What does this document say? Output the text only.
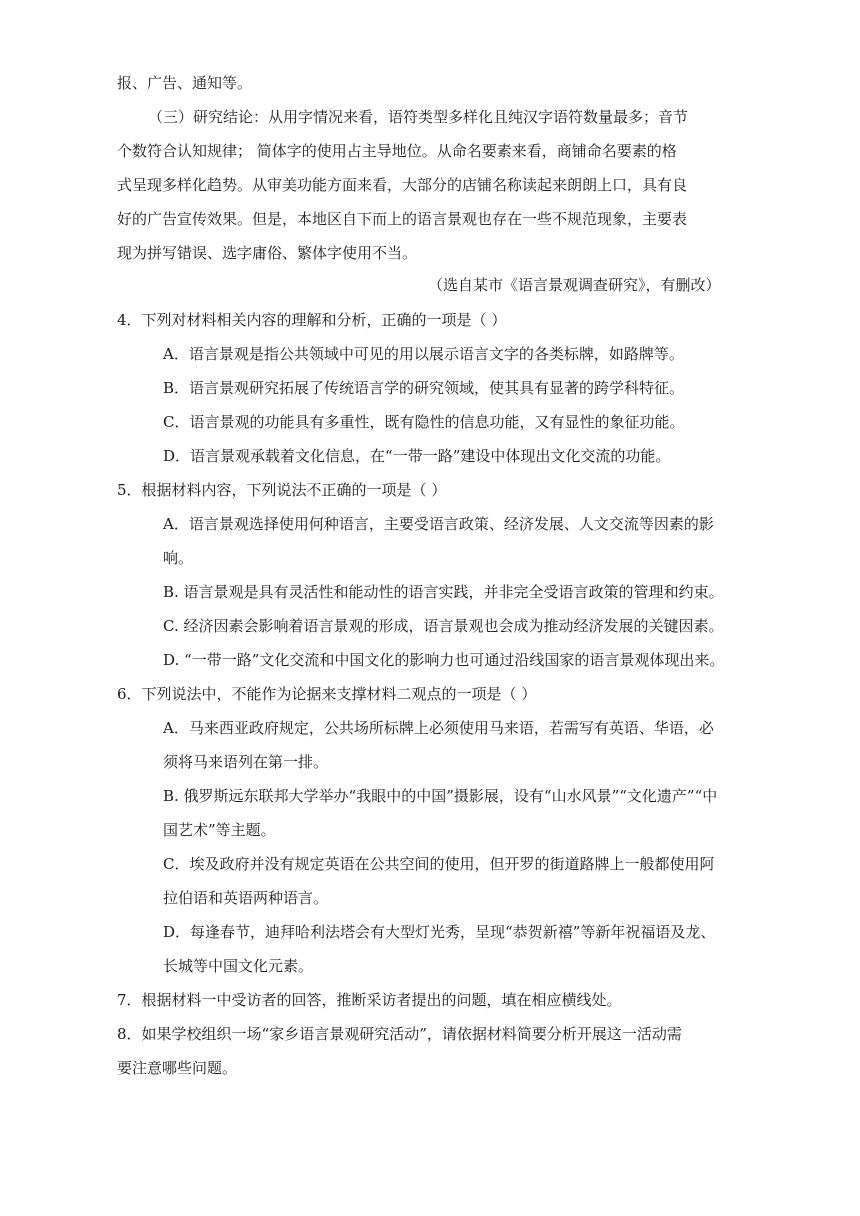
报、广告、通知等。
（三）研究结论：从用字情况来看，语符类型多样化且纯汉字语符数量最多；音节
个数符合认知规律； 简体字的使用占主导地位。从命名要素来看，商铺命名要素的格
式呈现多样化趋势。从审美功能方面来看，大部分的店铺名称读起来朗朗上口，具有良
好的广告宣传效果。但是，本地区自下而上的语言景观也存在一些不规范现象，主要表
现为拼写错误、选字庸俗、繁体字使用不当。
（选自某市《语言景观调查研究》，有删改）
4．下列对材料相关内容的理解和分析，正确的一项是（ ）
A．语言景观是指公共领域中可见的用以展示语言文字的各类标牌，如路牌等。
B．语言景观研究拓展了传统语言学的研究领域，使其具有显著的跨学科特征。
C．语言景观的功能具有多重性，既有隐性的信息功能，又有显性的象征功能。
D．语言景观承载着文化信息，在“一带一路”建设中体现出文化交流的功能。
5．根据材料内容，下列说法不正确的一项是（ ）
A．语言景观选择使用何种语言，主要受语言政策、经济发展、人文交流等因素的影
响。
B. 语言景观是具有灵活性和能动性的语言实践，并非完全受语言政策的管理和约束。
C. 经济因素会影响着语言景观的形成，语言景观也会成为推动经济发展的关键因素。
D. “一带一路”文化交流和中国文化的影响力也可通过沿线国家的语言景观体现出来。
6．下列说法中，不能作为论据来支撑材料二观点的一项是（ ）
A．马来西亚政府规定，公共场所标牌上必须使用马来语，若需写有英语、华语，必
须将马来语列在第一排。
B. 俄罗斯远东联邦大学举办“我眼中的中国”摄影展，设有“山水风景”“文化遗产”“中
国艺术”等主题。
C．埃及政府并没有规定英语在公共空间的使用，但开罗的街道路牌上一般都使用阿
拉伯语和英语两种语言。
D．每逢春节，迪拜哈利法塔会有大型灯光秀，呈现“恭贺新禧”等新年祝福语及龙、
长城等中国文化元素。
7．根据材料一中受访者的回答，推断采访者提出的问题，填在相应横线处。
8．如果学校组织一场“家乡语言景观研究活动”，请依据材料简要分析开展这一活动需
要注意哪些问题。
